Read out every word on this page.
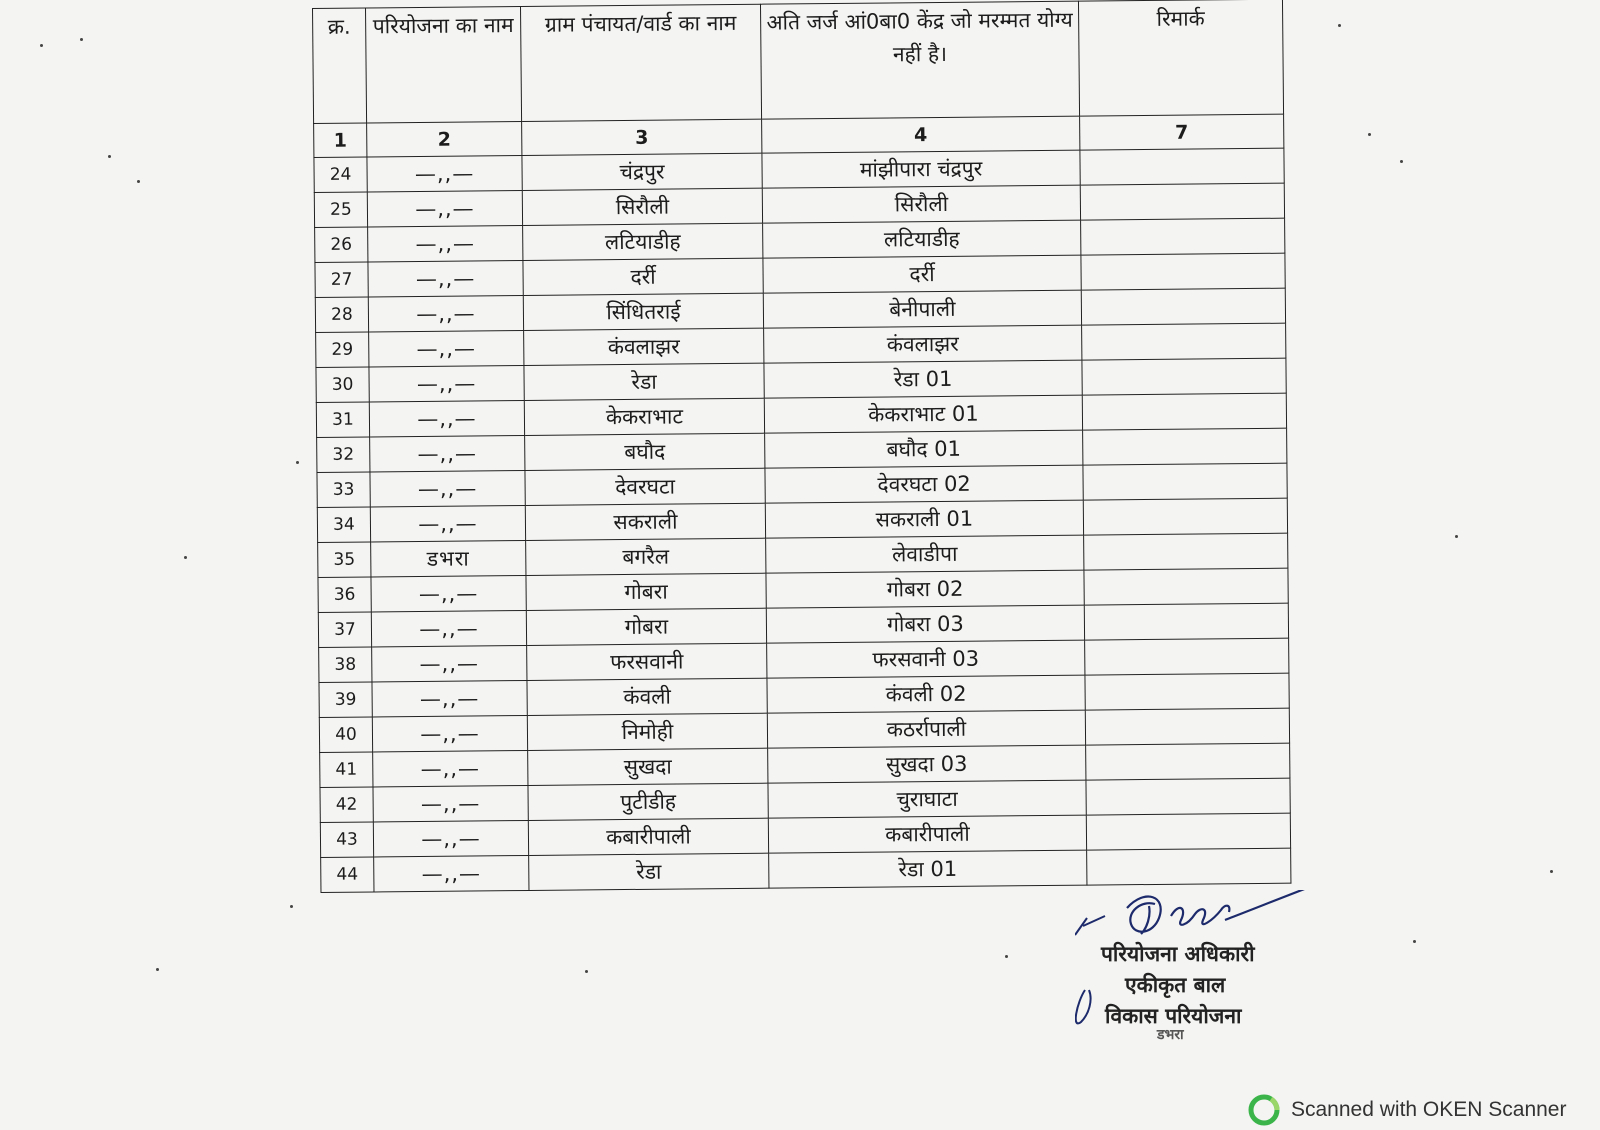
क्र.	परियोजना का नाम	ग्राम पंचायत/वार्ड का नाम	अति जर्ज आं0बा0 केंद्र जो मरम्मत योग्य नहीं है।	रिमार्क
1	2	3	4	7
24	—,,—	चंद्रपुर	मांझीपारा चंद्रपुर	
25	—,,—	सिरौली	सिरौली	
26	—,,—	लटियाडीह	लटियाडीह	
27	—,,—	दर्री	दर्री	
28	—,,—	सिंधितराई	बेनीपाली	
29	—,,—	कंवलाझर	कंवलाझर	
30	—,,—	रेडा	रेडा 01	
31	—,,—	केकराभाट	केकराभाट 01	
32	—,,—	बघौद	बघौद 01	
33	—,,—	देवरघटा	देवरघटा 02	
34	—,,—	सकराली	सकराली 01	
35	डभरा	बगरैल	लेवाडीपा	
36	—,,—	गोबरा	गोबरा 02	
37	—,,—	गोबरा	गोबरा 03	
38	—,,—	फरसवानी	फरसवानी 03	
39	—,,—	कंवली	कंवली 02	
40	—,,—	निमोही	कठर्रापाली	
41	—,,—	सुखदा	सुखदा 03	
42	—,,—	पुटीडीह	चुराघाटा	
43	—,,—	कबारीपाली	कबारीपाली	
44	—,,—	रेडा	रेडा 01	
परियोजना अधिकारी
एकीकृत बाल
विकास परियोजना
डभरा
Scanned with OKEN Scanner
